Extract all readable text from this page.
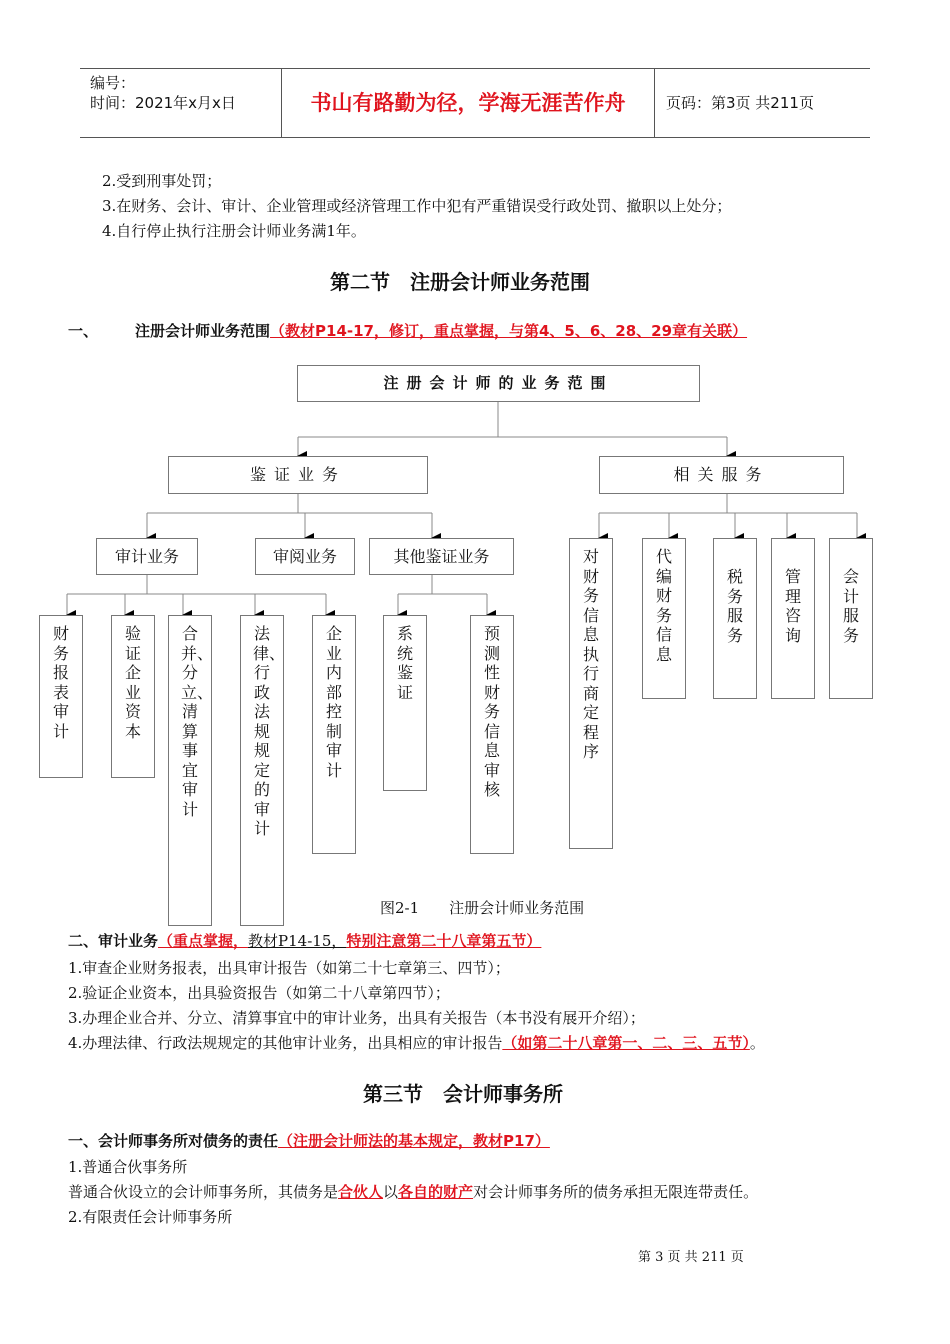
编号：
时间：2021年x月x日	书山有路勤为径，学海无涯苦作舟	页码：第3页 共211页
2.受到刑事处罚；
3.在财务、会计、审计、企业管理或经济管理工作中犯有严重错误受行政处罚、撤职以上处分；
4.自行停止执行注册会计师业务满1年。
第二节　注册会计师业务范围
一、 注册会计师业务范围（教材P14-17，修订，重点掌握，与第4、5、6、28、29章有关联）
注册会计师的业务范围
鉴证业务	相关服务
审计业务	审阅业务	其他鉴证业务
财务报表审计
验证企业资本
合并、分立、清算事宜审计
法律、行政法规规定的审计
企业内部控制审计
系统鉴证
预测性财务信息审核
对财务信息执行商定程序
代编财务信息
税务服务
管理咨询
会计服务
图2-1　　注册会计师业务范围
二、审计业务（重点掌握，教材P14-15，特别注意第二十八章第五节）
1.审查企业财务报表，出具审计报告（如第二十七章第三、四节）；
2.验证企业资本，出具验资报告（如第二十八章第四节）；
3.办理企业合并、分立、清算事宜中的审计业务，出具有关报告（本书没有展开介绍）；
4.办理法律、行政法规规定的其他审计业务，出具相应的审计报告（如第二十八章第一、二、三、五节）。
第三节　会计师事务所
一、会计师事务所对债务的责任（注册会计师法的基本规定，教材P17）
1.普通合伙事务所
普通合伙设立的会计师事务所，其债务是合伙人以各自的财产对会计师事务所的债务承担无限连带责任。
2.有限责任会计师事务所
第 3 页 共 211 页
